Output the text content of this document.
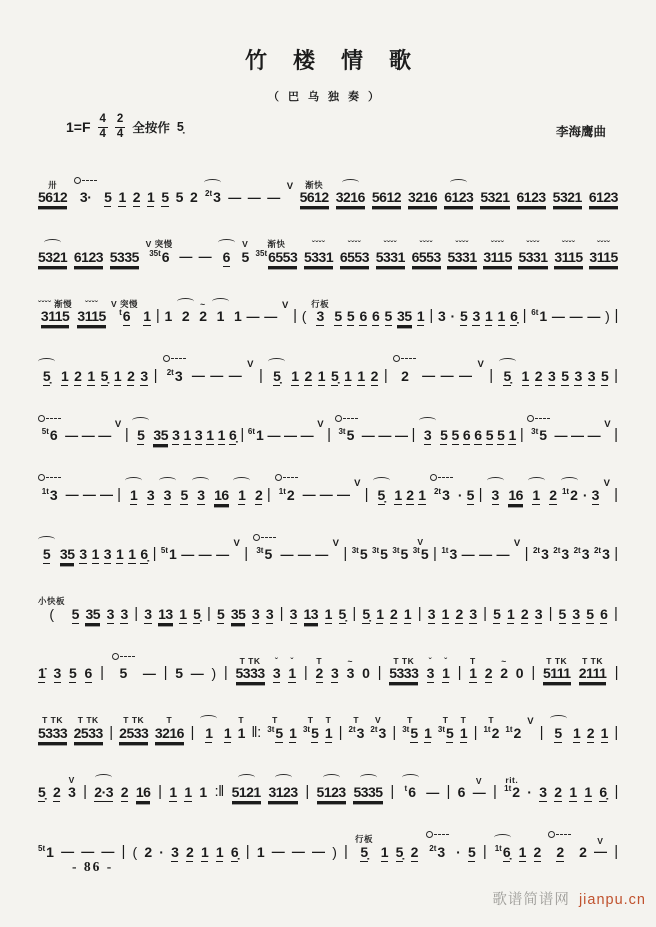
竹楼情歌
（巴乌独奏）
$1=F \frac{4}{4} \frac{2}{4}$ 全按作 5̣	李海鹰曲
卅
5612 3· 5 1 2 1 5 5 2 2t 3 — — —
V 渐快
5612 3216 5612 3216 6123 5321 6123 5321 6123
5321 6123 5335
V 突慢
35t 6 — — 6
V
5
渐快
35t 6553
ˇˇˇˇ
5331
ˇˇˇˇ
6553
ˇˇˇˇ
5331
ˇˇˇˇ
6553
ˇˇˇˇ
5331
ˇˇˇˇ
3115
ˇˇˇˇ
5331
ˇˇˇˇ
3115
ˇˇˇˇ
3115
ˇˇˇˇ 渐慢
3115
ˇˇˇˇ
3115
V 突慢
t 6 1 | 1 2
~
2 1 1 — —
V
| (
行板
3 5 5 6 6 5 35 1 | 3 · 5 3 1 1 6̣ | 6t 1 — — — ) |
5̣ 1 2 1 5̣ 1 2 3 | 2t 3 — — —
V
| 5̣ 1 2 1 5̣ 1 1 2 | 2 — — —
V
| 5̣ 1 2 3 5 3 3 5 |
5t 6 — — —
V
| 5 35 3 1 3 1 1 6̣ | 6t 1 — — —
V
| 3t 5 — — — | 3 5 5 6 6 5 5 1 | 3t 5 — — —
V
|
1t 3 — — — | 1 3 3 5 3 16 1 2 | 1t 2 — — —
V
| 5̣ 1 2 1 2t 3 · 5 | 3 16 1 2 1t 2 · 3
V
|
5 35 3 1 3 1 1 6̣ | 5t 1 — — —
V
| 3t 5 — — —
V
| 3t 5 3t 5 3t 5
V
3t 5 | 1t 3 — — —
V
| 2t 3 2t 3 2t 3 2t 3 |
小快板
( 5 35 3 3 | 3 13 1 5̣ | 5 35 3 3 | 3 13 1 5̣ | 5̣ 1 2 1 | 3 1 2 3 | 5 1 2 3 | 5 3 5 6 |
1̇ 3 5 6 | 5 — | 5 — ) |
T TK
5333
ˇ
3
ˇ
1 |
T
2 3
~
3 0 |
T TK
5333
ˇ
3
ˇ
1 |
T
1 2
~
2 0 |
T TK
5111
T TK
2111 |
T TK
5333
T TK
2533 |
T TK
2533
T
3216 | 1 1
T
1 ‖:
T
3t 5 1
T
3t 5
T
1 |
T
2t 3
V
2t 3 |
T
3t 5 1
T
3t 5
T
1 |
T
1t 2 1t 2
V
| 5 1 2 1 |
5̣ 2
V
3 | 2·3 2 16 | 1 1 1 :‖ 5121 3123 | 5123 5335 | t 6 — | 6
V
— |
rit.
1t 2 · 3 2 1 1 6̣ |
5t 1 — — — | ( 2 · 3 2 1 1 6̣ | 1 — — — ) |
行板
5̣ 1 5̣ 2 2t 3 · 5 | 1t 6̣ 1 2 2 2
V
— |
- 86 -
歌谱简谱网 jianpu.cn
